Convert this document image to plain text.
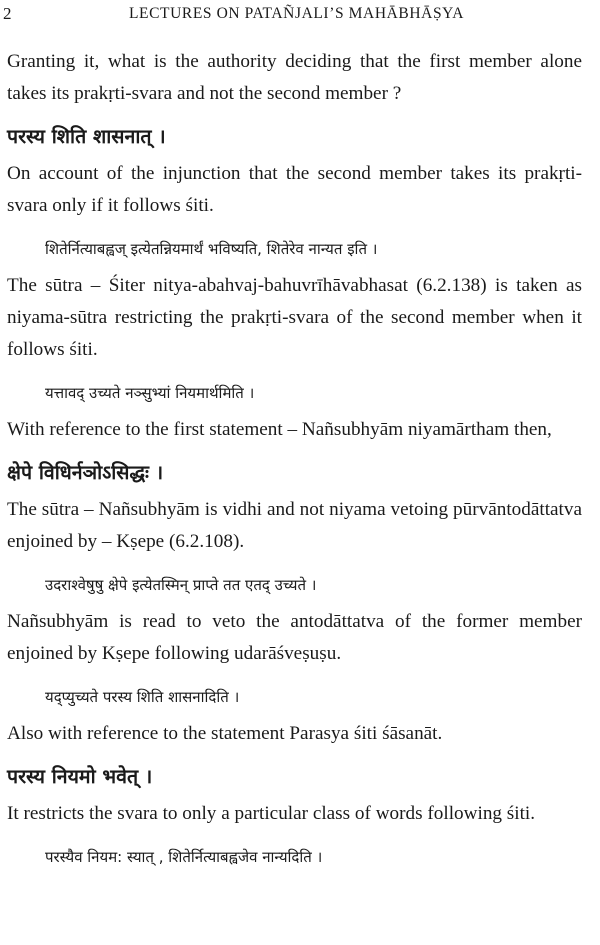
2	LECTURES ON PATAÑJALI’S MAHĀBHĀṢYA

Granting it, what is the authority deciding that the first member alone takes its prakṛti-svara and not the second member ?

परस्य शिति शासनात् ।

On account of the injunction that the second member takes its prakṛti-svara only if it follows śiti.

शितेर्नित्याबह्वज् इत्येतन्नियमार्थं भविष्यति, शितेरेव नान्यत इति ।

The sūtra – Śiter nitya-abahvaj-bahuvrīhāvabhasat (6.2.138) is taken as niyama-sūtra restricting the prakṛti-svara of the second member when it follows śiti.

यत्तावद् उच्यते नञ्सुभ्यां नियमार्थमिति ।

With reference to the first statement – Nañsubhyām niyamārtham then,

क्षेपे विधिर्नञोऽसिद्धः ।

The sūtra – Nañsubhyām is vidhi and not niyama vetoing pūrvāntodāttatva enjoined by – Kṣepe (6.2.108).

उदराश्वेषुषु क्षेपे इत्येतस्मिन् प्राप्ते तत एतद् उच्यते ।

Nañsubhyām is read to veto the antodāttatva of the former member enjoined by Kṣepe following udarāśveṣuṣu.

यद्प्युच्यते परस्य शिति शासनादिति ।

Also with reference to the statement Parasya śiti śāsanāt.

परस्य नियमो भवेत् ।

It restricts the svara to only a particular class of words following śiti.

परस्यैव नियम: स्यात् , शितेर्नित्याबह्वजेव नान्यदिति ।
